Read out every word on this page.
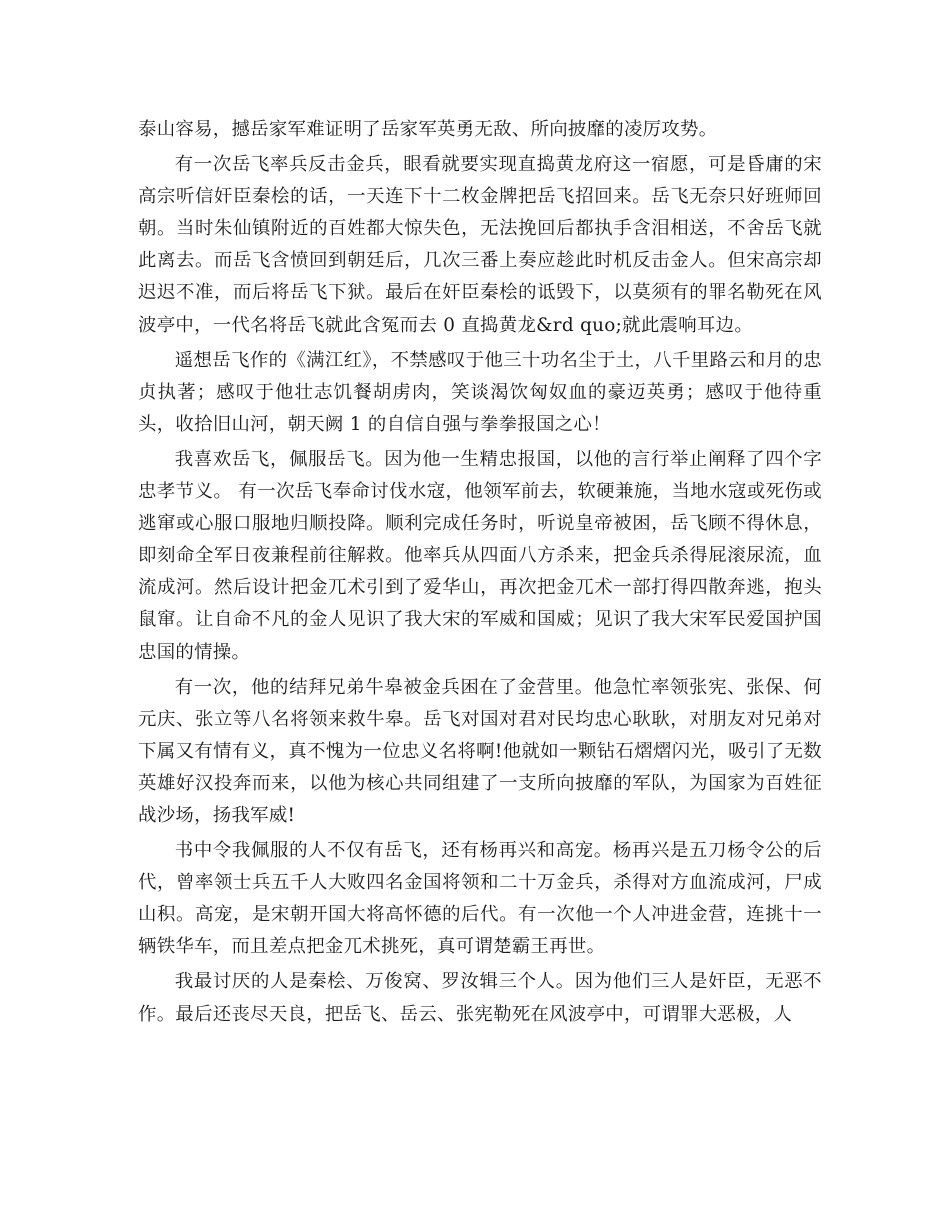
泰山容易，撼岳家军难证明了岳家军英勇无敌、所向披靡的凌厉攻势。

有一次岳飞率兵反击金兵，眼看就要实现直捣黄龙府这一宿愿，可是昏庸的宋高宗听信奸臣秦桧的话，一天连下十二枚金牌把岳飞招回来。岳飞无奈只好班师回朝。当时朱仙镇附近的百姓都大惊失色，无法挽回后都执手含泪相送，不舍岳飞就此离去。而岳飞含愤回到朝廷后，几次三番上奏应趁此时机反击金人。但宋高宗却迟迟不准，而后将岳飞下狱。最后在奸臣秦桧的诋毁下，以莫须有的罪名勒死在风波亭中，一代名将岳飞就此含冤而去 0 直捣黄龙&rd quo;就此震响耳边。

遥想岳飞作的《满江红》，不禁感叹于他三十功名尘于土，八千里路云和月的忠贞执著；感叹于他壮志饥餐胡虏肉，笑谈渴饮匈奴血的豪迈英勇；感叹于他待重头，收拾旧山河，朝天阙 1 的自信自强与拳拳报国之心！

我喜欢岳飞，佩服岳飞。因为他一生精忠报国，以他的言行举止阐释了四个字忠孝节义。 有一次岳飞奉命讨伐水寇，他领军前去，软硬兼施，当地水寇或死伤或逃窜或心服口服地归顺投降。顺利完成任务时，听说皇帝被困，岳飞顾不得休息，即刻命全军日夜兼程前往解救。他率兵从四面八方杀来，把金兵杀得屁滚尿流，血流成河。然后设计把金兀术引到了爱华山，再次把金兀术一部打得四散奔逃，抱头鼠窜。让自命不凡的金人见识了我大宋的军威和国威；见识了我大宋军民爱国护国忠国的情操。

有一次，他的结拜兄弟牛皋被金兵困在了金营里。他急忙率领张宪、张保、何元庆、张立等八名将领来救牛皋。岳飞对国对君对民均忠心耿耿，对朋友对兄弟对下属又有情有义，真不愧为一位忠义名将啊!他就如一颗钻石熠熠闪光，吸引了无数英雄好汉投奔而来，以他为核心共同组建了一支所向披靡的军队，为国家为百姓征战沙场，扬我军威!

书中令我佩服的人不仅有岳飞，还有杨再兴和高宠。杨再兴是五刀杨令公的后代，曾率领士兵五千人大败四名金国将领和二十万金兵，杀得对方血流成河，尸成山积。高宠，是宋朝开国大将高怀德的后代。有一次他一个人冲进金营，连挑十一辆铁华车，而且差点把金兀术挑死，真可谓楚霸王再世。

我最讨厌的人是秦桧、万俊窝、罗汝辑三个人。因为他们三人是奸臣，无恶不作。最后还丧尽天良，把岳飞、岳云、张宪勒死在风波亭中，可谓罪大恶极，人
